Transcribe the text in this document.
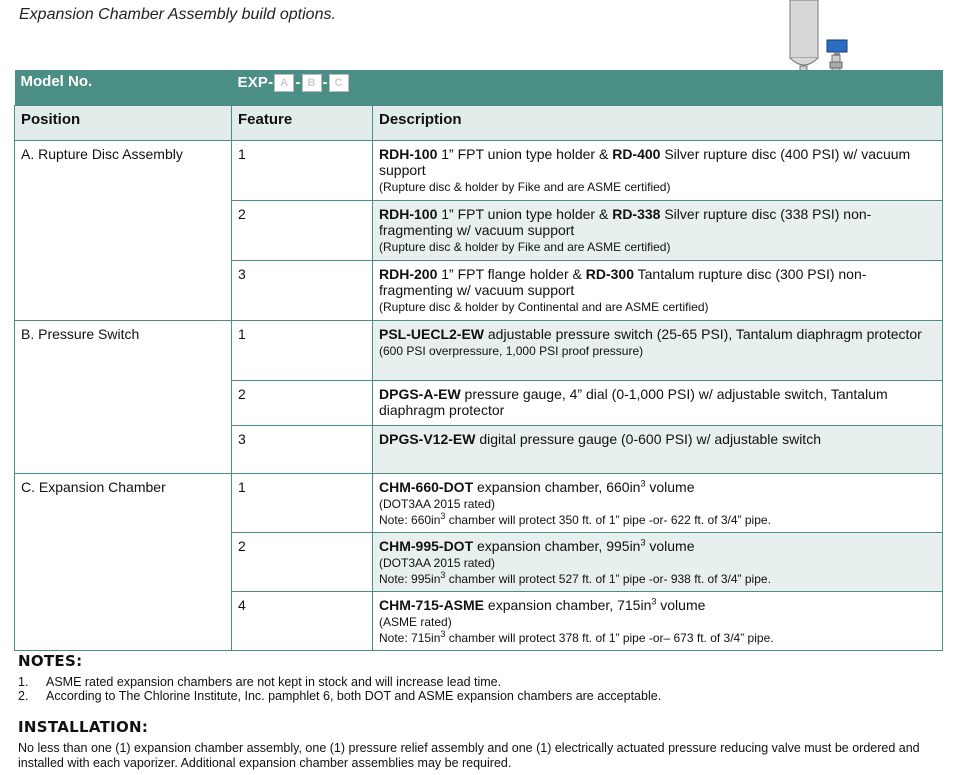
Expansion Chamber Assembly build options.
Model No.	EXP- A - B - C	
Position	Feature	Description
A. Rupture Disc Assembly	1	RDH-100 1” FPT union type holder & RD-400 Silver rupture disc (400 PSI) w/ vacuum support
(Rupture disc & holder by Fike and are ASME certified)
	2	RDH-100 1” FPT union type holder & RD-338 Silver rupture disc (338 PSI) non-fragmenting w/ vacuum support
(Rupture disc & holder by Fike and are ASME certified)
	3	RDH-200 1” FPT flange holder & RD-300 Tantalum rupture disc (300 PSI) non-fragmenting w/ vacuum support
(Rupture disc & holder by Continental and are ASME certified)
B. Pressure Switch	1	PSL-UECL2-EW adjustable pressure switch (25-65 PSI), Tantalum diaphragm protector
(600 PSI overpressure, 1,000 PSI proof pressure)
	2	DPGS-A-EW pressure gauge, 4” dial (0-1,000 PSI) w/ adjustable switch, Tantalum diaphragm protector
	3	DPGS-V12-EW digital pressure gauge (0-600 PSI) w/ adjustable switch
C. Expansion Chamber	1	CHM-660-DOT expansion chamber, $660in^3$ volume
(DOT3AA 2015 rated)
Note: $660in^3$ chamber will protect 350 ft. of 1” pipe -or- 622 ft. of 3/4” pipe.
	2	CHM-995-DOT expansion chamber, $995in^3$ volume
(DOT3AA 2015 rated)
Note: $995in^3$ chamber will protect 527 ft. of 1” pipe -or- 938 ft. of 3/4” pipe.
	4	CHM-715-ASME expansion chamber, $715in^3$ volume
(ASME rated)
Note: $715in^3$ chamber will protect 378 ft. of 1” pipe -or– 673 ft. of 3/4” pipe.
NOTES:
1. ASME rated expansion chambers are not kept in stock and will increase lead time.
2. According to The Chlorine Institute, Inc. pamphlet 6, both DOT and ASME expansion chambers are acceptable.
INSTALLATION:
No less than one (1) expansion chamber assembly, one (1) pressure relief assembly and one (1) electrically actuated pressure reducing valve must be ordered and installed with each vaporizer. Additional expansion chamber assemblies may be required.
